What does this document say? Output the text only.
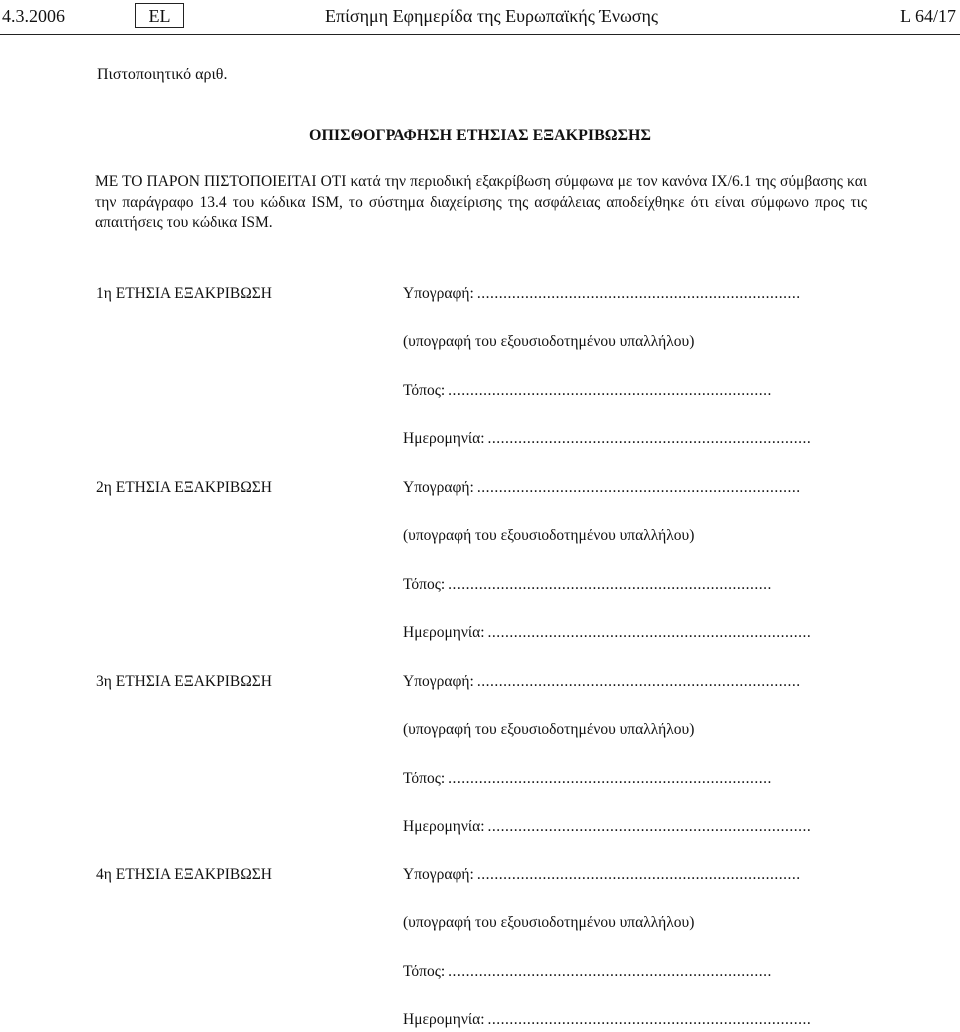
4.3.2006	EL	Επίσημη Εφημερίδα της Ευρωπαϊκής Ένωσης	L 64/17
Πιστοποιητικό αριθ.
ΟΠΙΣΘΟΓΡΑΦΗΣΗ ΕΤΗΣΙΑΣ ΕΞΑΚΡΙΒΩΣΗΣ
ΜΕ ΤΟ ΠΑΡΟΝ ΠΙΣΤΟΠΟΙΕΙΤΑΙ ΟΤΙ κατά την περιοδική εξακρίβωση σύμφωνα με τον κανόνα IX/6.1 της σύμβασης και την παράγραφο 13.4 του κώδικα ISM, το σύστημα διαχείρισης της ασφάλειας αποδείχθηκε ότι είναι σύμφωνο προς τις απαιτήσεις του κώδικα ISM.
1η ΕΤΗΣΙΑ ΕΞΑΚΡΙΒΩΣΗ	Υπογραφή: ..........................................................................
(υπογραφή του εξουσιοδοτημένου υπαλλήλου)
Τόπος: ..........................................................................
Ημερομηνία: ..........................................................................
2η ΕΤΗΣΙΑ ΕΞΑΚΡΙΒΩΣΗ	Υπογραφή: ..........................................................................
(υπογραφή του εξουσιοδοτημένου υπαλλήλου)
Τόπος: ..........................................................................
Ημερομηνία: ..........................................................................
3η ΕΤΗΣΙΑ ΕΞΑΚΡΙΒΩΣΗ	Υπογραφή: ..........................................................................
(υπογραφή του εξουσιοδοτημένου υπαλλήλου)
Τόπος: ..........................................................................
Ημερομηνία: ..........................................................................
4η ΕΤΗΣΙΑ ΕΞΑΚΡΙΒΩΣΗ	Υπογραφή: ..........................................................................
(υπογραφή του εξουσιοδοτημένου υπαλλήλου)
Τόπος: ..........................................................................
Ημερομηνία: ..........................................................................
